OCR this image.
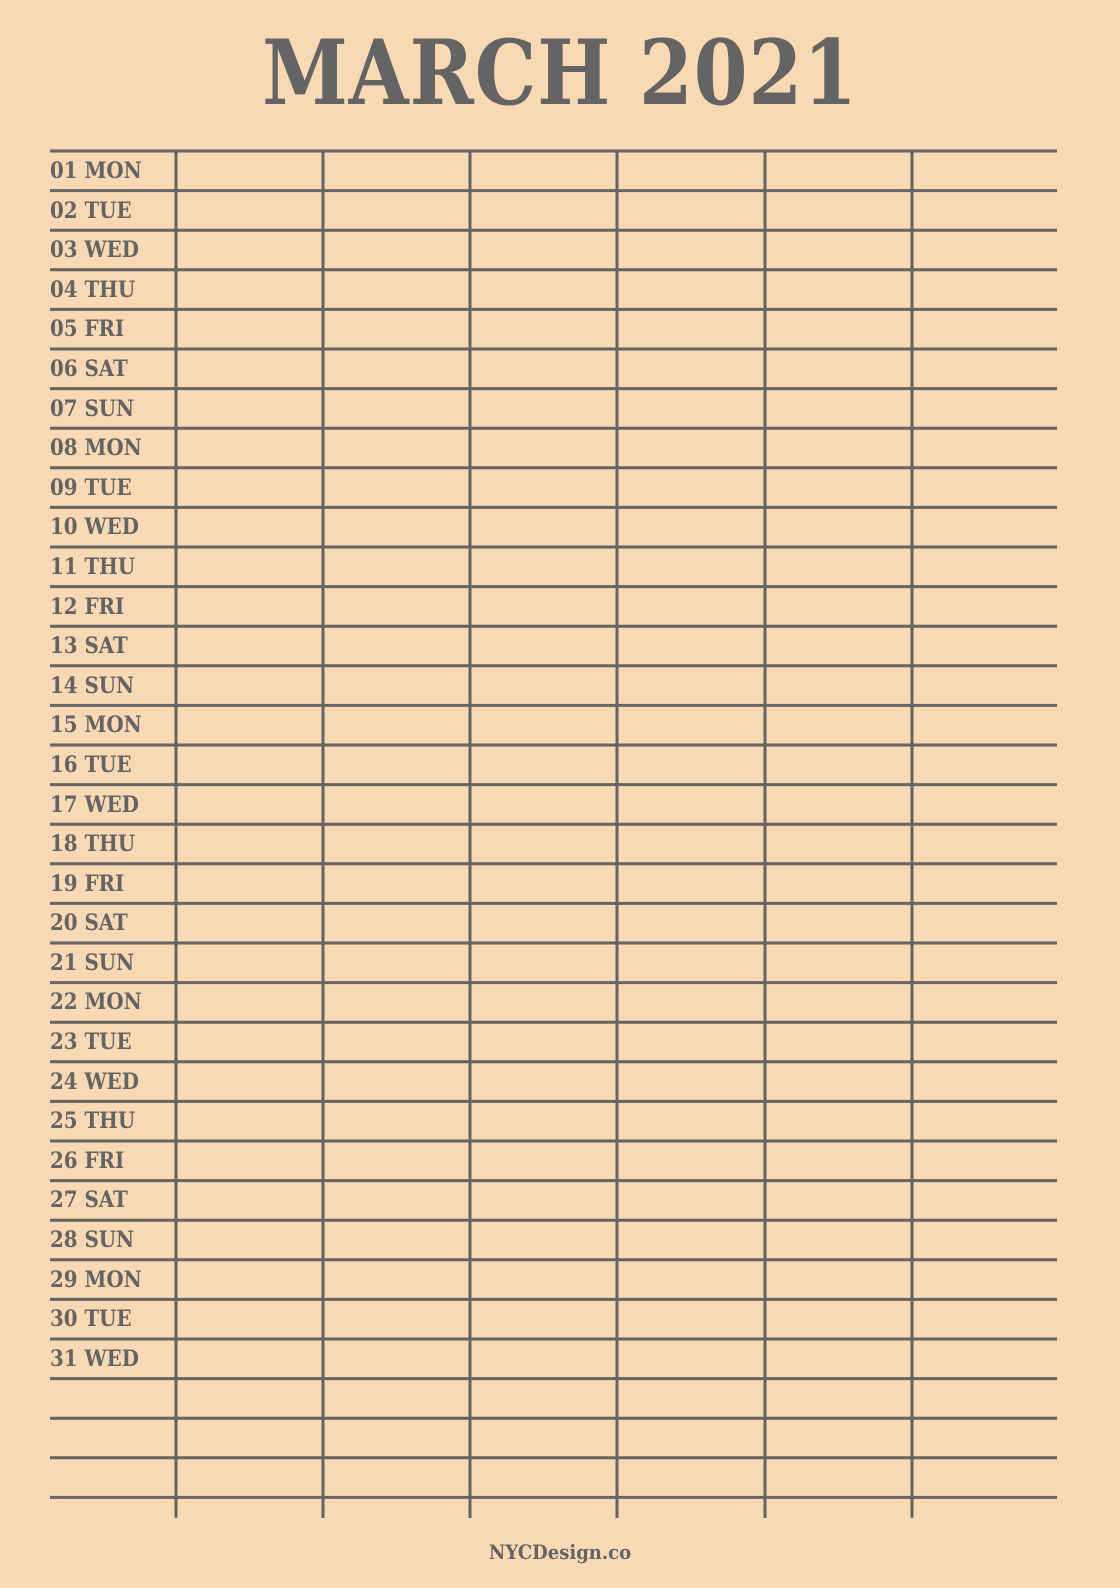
MARCH 2021
01 MON
02 TUE
03 WED
04 THU
05 FRI
06 SAT
07 SUN
08 MON
09 TUE
10 WED
11 THU
12 FRI
13 SAT
14 SUN
15 MON
16 TUE
17 WED
18 THU
19 FRI
20 SAT
21 SUN
22 MON
23 TUE
24 WED
25 THU
26 FRI
27 SAT
28 SUN
29 MON
30 TUE
31 WED
NYCDesign.co
